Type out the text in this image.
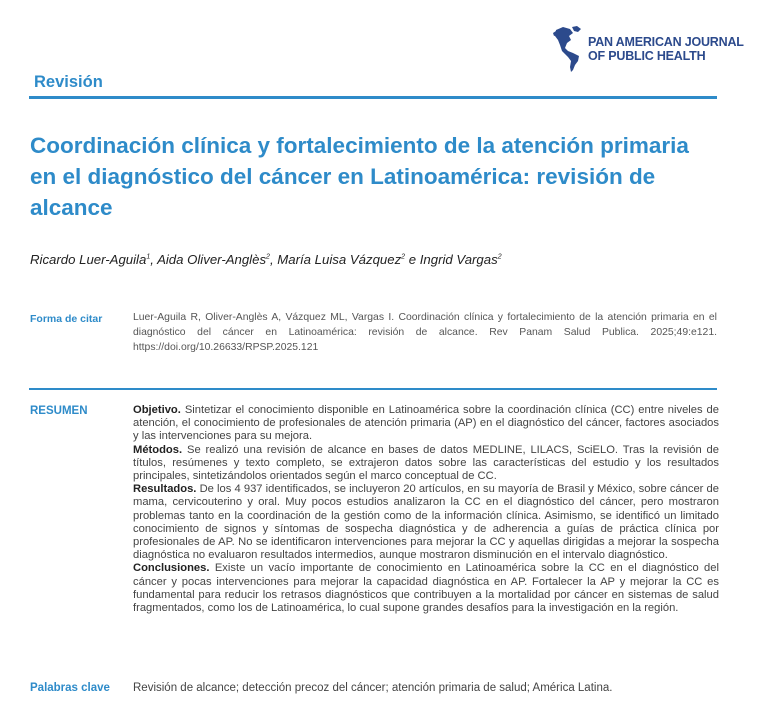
PAN AMERICAN JOURNAL
OF PUBLIC HEALTH
Revisión
Coordinación clínica y fortalecimiento de la atención primaria en el diagnóstico del cáncer en Latinoamérica: revisión de alcance
Ricardo Luer-Aguila$^1$, Aida Oliver-Anglès$^2$, María Luisa Vázquez$^2$ e Ingrid Vargas$^2$
Forma de citar	Luer-Aguila R, Oliver-Anglès A, Vázquez ML, Vargas I. Coordinación clínica y fortalecimiento de la atención primaria en el diagnóstico del cáncer en Latinoamérica: revisión de alcance. Rev Panam Salud Publica. 2025;49:e121. https://doi.org/10.26633/RPSP.2025.121

RESUMEN	Objetivo. Sintetizar el conocimiento disponible en Latinoamérica sobre la coordinación clínica (CC) entre niveles de atención, el conocimiento de profesionales de atención primaria (AP) en el diagnóstico del cáncer, factores asociados y las intervenciones para su mejora.

Métodos. Se realizó una revisión de alcance en bases de datos MEDLINE, LILACS, SciELO. Tras la revisión de títulos, resúmenes y texto completo, se extrajeron datos sobre las características del estudio y los resultados principales, sintetizándolos orientados según el marco conceptual de CC.

Resultados. De los 4 937 identificados, se incluyeron 20 artículos, en su mayoría de Brasil y México, sobre cáncer de mama, cervicouterino y oral. Muy pocos estudios analizaron la CC en el diagnóstico del cáncer, pero mostraron problemas tanto en la coordinación de la gestión como de la información clínica. Asimismo, se identificó un limitado conocimiento de signos y síntomas de sospecha diagnóstica y de adherencia a guías de práctica clínica por profesionales de AP. No se identificaron intervenciones para mejorar la CC y aquellas dirigidas a mejorar la sospecha diagnóstica no evaluaron resultados intermedios, aunque mostraron disminución en el intervalo diagnóstico.

Conclusiones. Existe un vacío importante de conocimiento en Latinoamérica sobre la CC en el diagnóstico del cáncer y pocas intervenciones para mejorar la capacidad diagnóstica en AP. Fortalecer la AP y mejorar la CC es fundamental para reducir los retrasos diagnósticos que contribuyen a la mortalidad por cáncer en sistemas de salud fragmentados, como los de Latinoamérica, lo cual supone grandes desafíos para la investigación en la región.

Palabras clave Revisión de alcance; detección precoz del cáncer; atención primaria de salud; América Latina.
